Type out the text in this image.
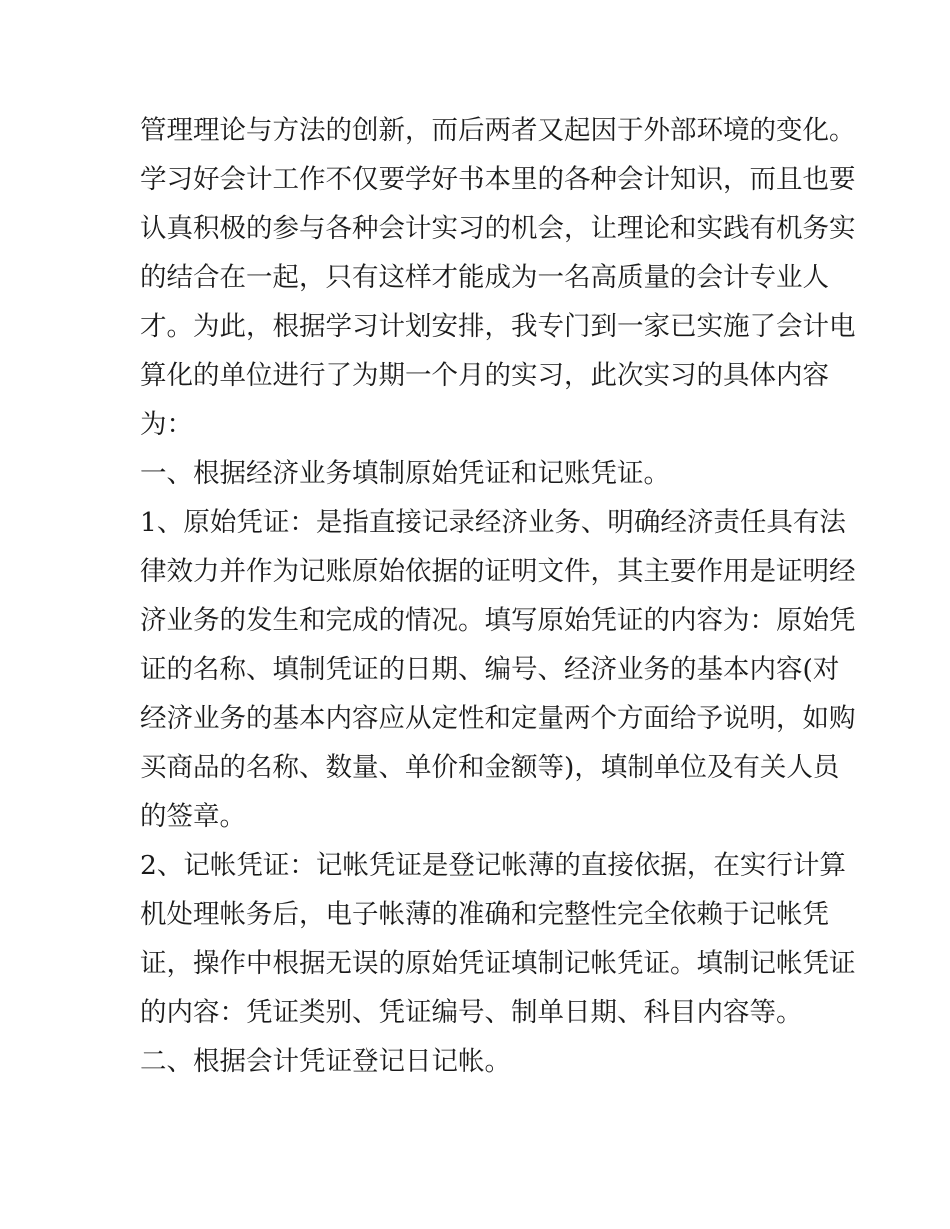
管理理论与方法的创新，而后两者又起因于外部环境的变化。
学习好会计工作不仅要学好书本里的各种会计知识，而且也要
认真积极的参与各种会计实习的机会，让理论和实践有机务实
的结合在一起，只有这样才能成为一名高质量的会计专业人
才。为此，根据学习计划安排，我专门到一家已实施了会计电
算化的单位进行了为期一个月的实习，此次实习的具体内容
为：
一、根据经济业务填制原始凭证和记账凭证。
1、原始凭证：是指直接记录经济业务、明确经济责任具有法
律效力并作为记账原始依据的证明文件，其主要作用是证明经
济业务的发生和完成的情况。填写原始凭证的内容为：原始凭
证的名称、填制凭证的日期、编号、经济业务的基本内容(对
经济业务的基本内容应从定性和定量两个方面给予说明，如购
买商品的名称、数量、单价和金额等)，填制单位及有关人员
的签章。
2、记帐凭证：记帐凭证是登记帐薄的直接依据，在实行计算
机处理帐务后，电子帐薄的准确和完整性完全依赖于记帐凭
证，操作中根据无误的原始凭证填制记帐凭证。填制记帐凭证
的内容：凭证类别、凭证编号、制单日期、科目内容等。
二、根据会计凭证登记日记帐。
